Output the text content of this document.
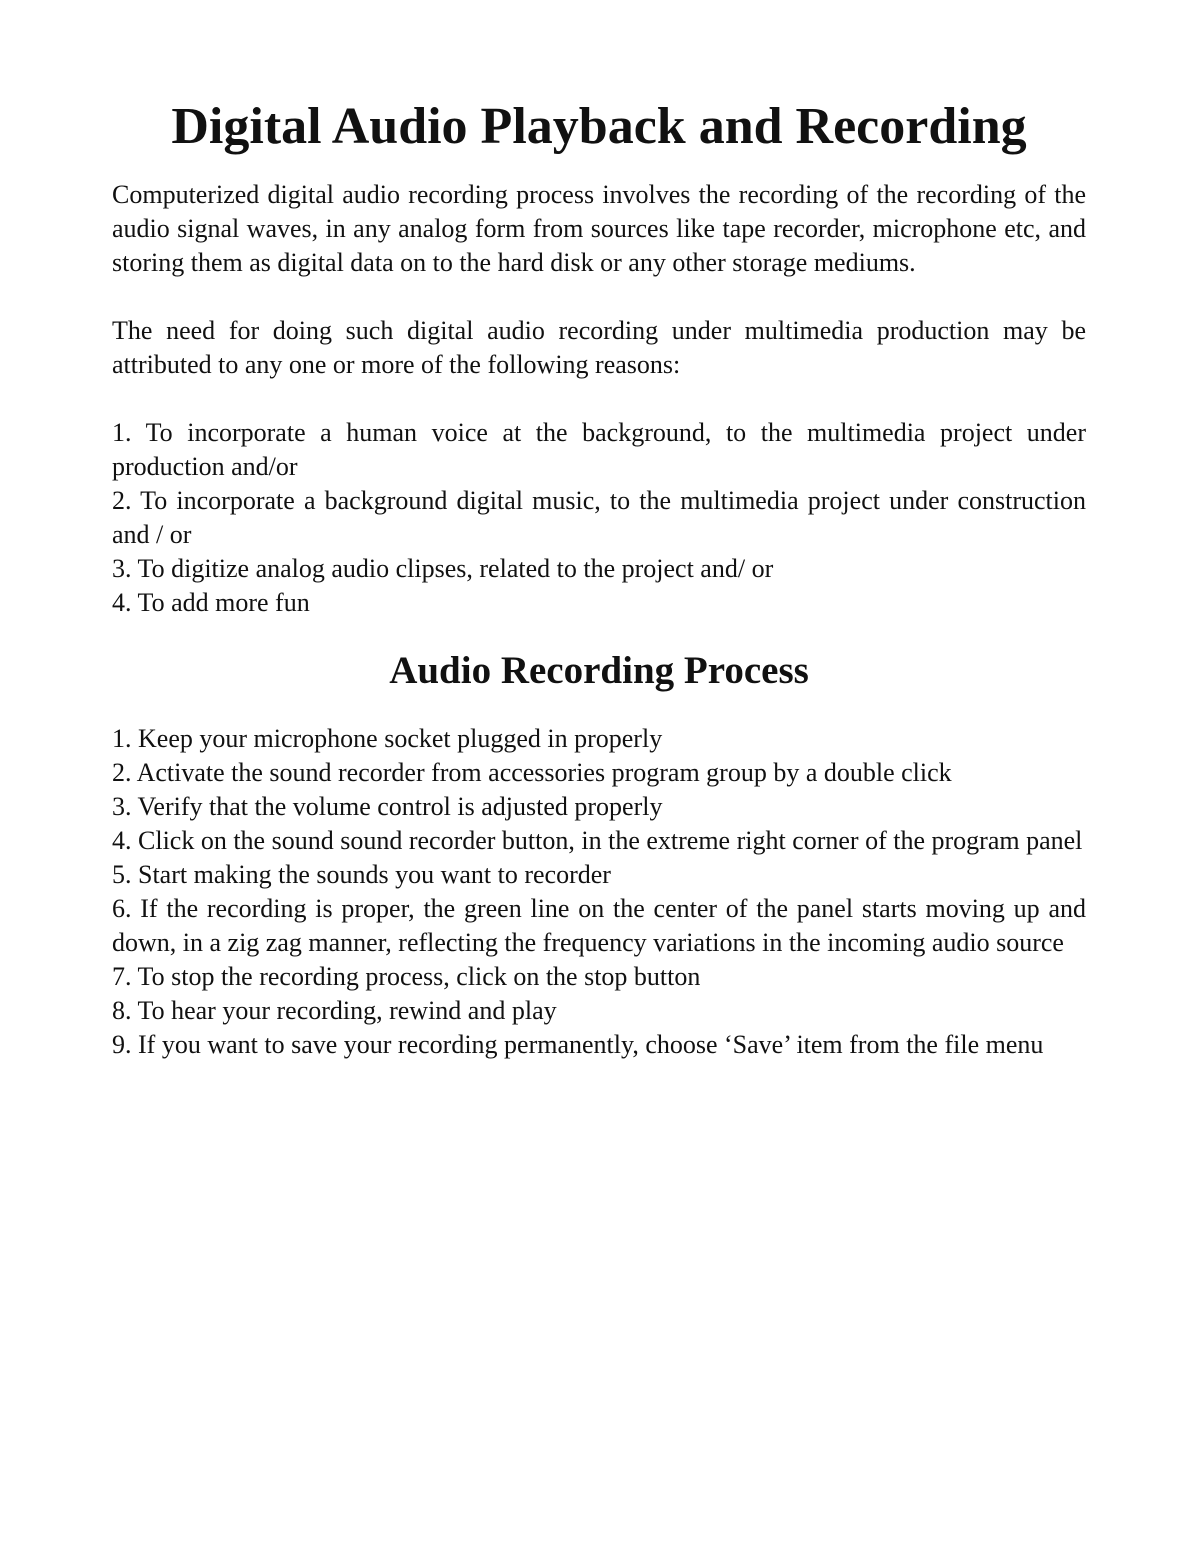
Digital Audio Playback and Recording

Computerized digital audio recording process involves the recording of the recording of the audio signal waves, in any analog form from sources like tape recorder, microphone etc, and storing them as digital data on to the hard disk or any other storage mediums.

The need for doing such digital audio recording under multimedia production may be attributed to any one or more of the following reasons:

1. To incorporate a human voice at the background, to the multimedia project under production and/or
2. To incorporate a background digital music, to the multimedia project under construction and / or
3. To digitize analog audio clipses, related to the project and/ or
4. To add more fun
Audio Recording Process
1. Keep your microphone socket plugged in properly
2. Activate the sound recorder from accessories program group by a double click
3. Verify that the volume control is adjusted properly
4. Click on the sound sound recorder button, in the extreme right corner of the program panel
5. Start making the sounds you want to recorder
6. If the recording is proper, the green line on the center of the panel starts moving up and down, in a zig zag manner, reflecting the frequency variations in the incoming audio source
7. To stop the recording process, click on the stop button
8. To hear your recording, rewind and play
9. If you want to save your recording permanently, choose ‘Save’ item from the file menu
